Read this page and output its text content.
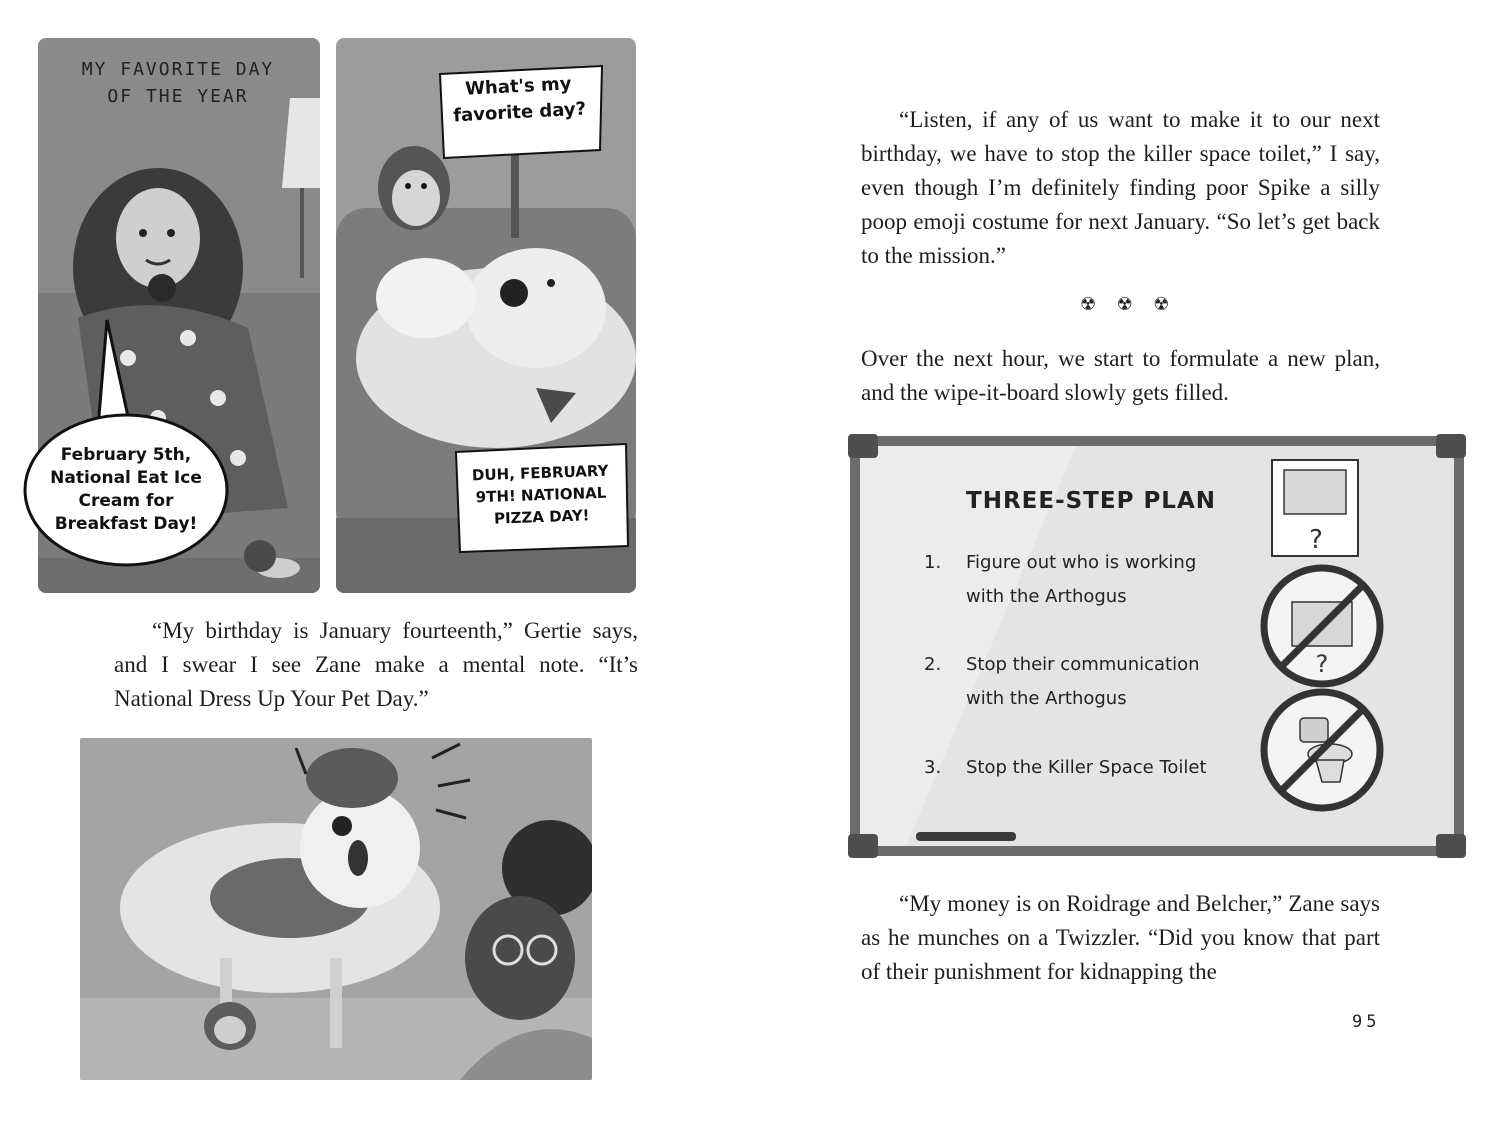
MY FAVORITE DAY OF THE YEAR
February 5th, National Eat Ice Cream for Breakfast Day!
What's my favorite day?
DUH, FEBRUARY 9TH! NATIONAL PIZZA DAY!

“My birthday is January fourteenth,” Gertie says, and I swear I see Zane make a mental note. “It’s National Dress Up Your Pet Day.”

“Listen, if any of us want to make it to our next birthday, we have to stop the killer space toilet,” I say, even though I’m definitely finding poor Spike a silly poop emoji costume for next January. “So let’s get back to the mission.”

☢ ☢ ☢

Over the next hour, we start to formulate a new plan, and the wipe-it-board slowly gets filled.

?
?
THREE-STEP PLAN
1. Figure out who is working
with the Arthogus
2. Stop their communication
with the Arthogus
3. Stop the Killer Space Toilet

“My money is on Roidrage and Belcher,” Zane says as he munches on a Twizzler. “Did you know that part of their punishment for kidnapping the

95
